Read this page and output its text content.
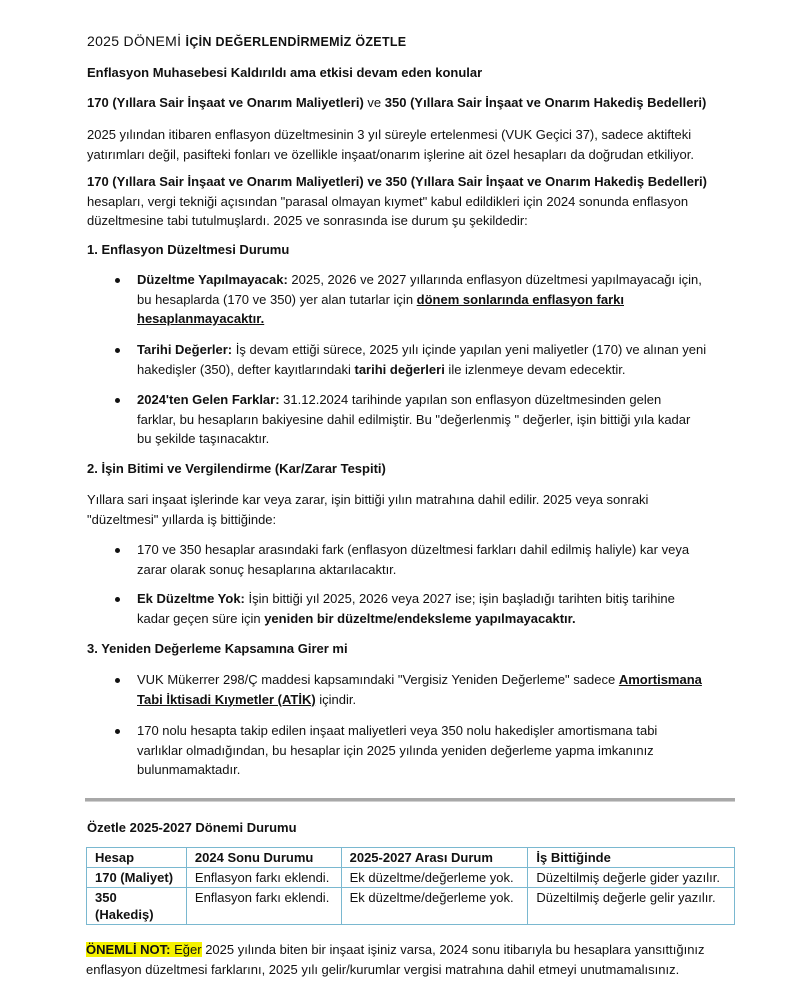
2025 DÖNEMİ İÇİN DEĞERLENDİRMEMİZ ÖZETLE

Enflasyon Muhasebesi Kaldırıldı ama etkisi devam eden konular

170 (Yıllara Sair İnşaat ve Onarım Maliyetleri) ve 350 (Yıllara Sair İnşaat ve Onarım Hakediş Bedelleri)

2025 yılından itibaren enflasyon düzeltmesinin 3 yıl süreyle ertelenmesi (VUK Geçici 37), sadece aktifteki
yatırımları değil, pasifteki fonları ve özellikle inşaat/onarım işlerine ait özel hesapları da doğrudan etkiliyor.

170 (Yıllara Sair İnşaat ve Onarım Maliyetleri) ve 350 (Yıllara Sair İnşaat ve Onarım Hakediş Bedelleri)
hesapları, vergi tekniği açısından "parasal olmayan kıymet" kabul edildikleri için 2024 sonunda enflasyon
düzeltmesine tabi tutulmuşlardı. 2025 ve sonrasında ise durum şu şekildedir:

1. Enflasyon Düzeltmesi Durumu

Düzeltme Yapılmayacak: 2025, 2026 ve 2027 yıllarında enflasyon düzeltmesi yapılmayacağı için,
bu hesaplarda (170 ve 350) yer alan tutarlar için dönem sonlarında enflasyon farkı
hesaplanmayacaktır.

Tarihi Değerler: İş devam ettiği sürece, 2025 yılı içinde yapılan yeni maliyetler (170) ve alınan yeni
hakedişler (350), defter kayıtlarındaki tarihi değerleri ile izlenmeye devam edecektir.

2024'ten Gelen Farklar: 31.12.2024 tarihinde yapılan son enflasyon düzeltmesinden gelen
farklar, bu hesapların bakiyesine dahil edilmiştir. Bu "değerlenmiş " değerler, işin bittiği yıla kadar
bu şekilde taşınacaktır.

2. İşin Bitimi ve Vergilendirme (Kar/Zarar Tespiti)

Yıllara sari inşaat işlerinde kar veya zarar, işin bittiği yılın matrahına dahil edilir. 2025 veya sonraki
"düzeltmesi" yıllarda iş bittiğinde:

170 ve 350 hesaplar arasındaki fark (enflasyon düzeltmesi farkları dahil edilmiş haliyle) kar veya
zarar olarak sonuç hesaplarına aktarılacaktır.

Ek Düzeltme Yok: İşin bittiği yıl 2025, 2026 veya 2027 ise; işin başladığı tarihten bitiş tarihine
kadar geçen süre için yeniden bir düzeltme/endeksleme yapılmayacaktır.

3. Yeniden Değerleme Kapsamına Girer mi

VUK Mükerrer 298/Ç maddesi kapsamındaki "Vergisiz Yeniden Değerleme" sadece Amortismana
Tabi İktisadi Kıymetler (ATİK) içindir.

170 nolu hesapta takip edilen inşaat maliyetleri veya 350 nolu hakedişler amortismana tabi
varlıklar olmadığından, bu hesaplar için 2025 yılında yeniden değerleme yapma imkanınız
bulunmamaktadır.

Özetle 2025-2027 Dönemi Durumu

Hesap	2024 Sonu Durumu	2025-2027 Arası Durum	İş Bittiğinde
170 (Maliyet)	Enflasyon farkı eklendi.	Ek düzeltme/değerleme yok.	Düzeltilmiş değerle gider yazılır.
350 (Hakediş)	Enflasyon farkı eklendi.	Ek düzeltme/değerleme yok.	Düzeltilmiş değerle gelir yazılır.

ÖNEMLİ NOT: Eğer 2025 yılında biten bir inşaat işiniz varsa, 2024 sonu itibarıyla bu hesaplara yansıttığınız
enflasyon düzeltmesi farklarını, 2025 yılı gelir/kurumlar vergisi matrahına dahil etmeyi unutmamalısınız.
